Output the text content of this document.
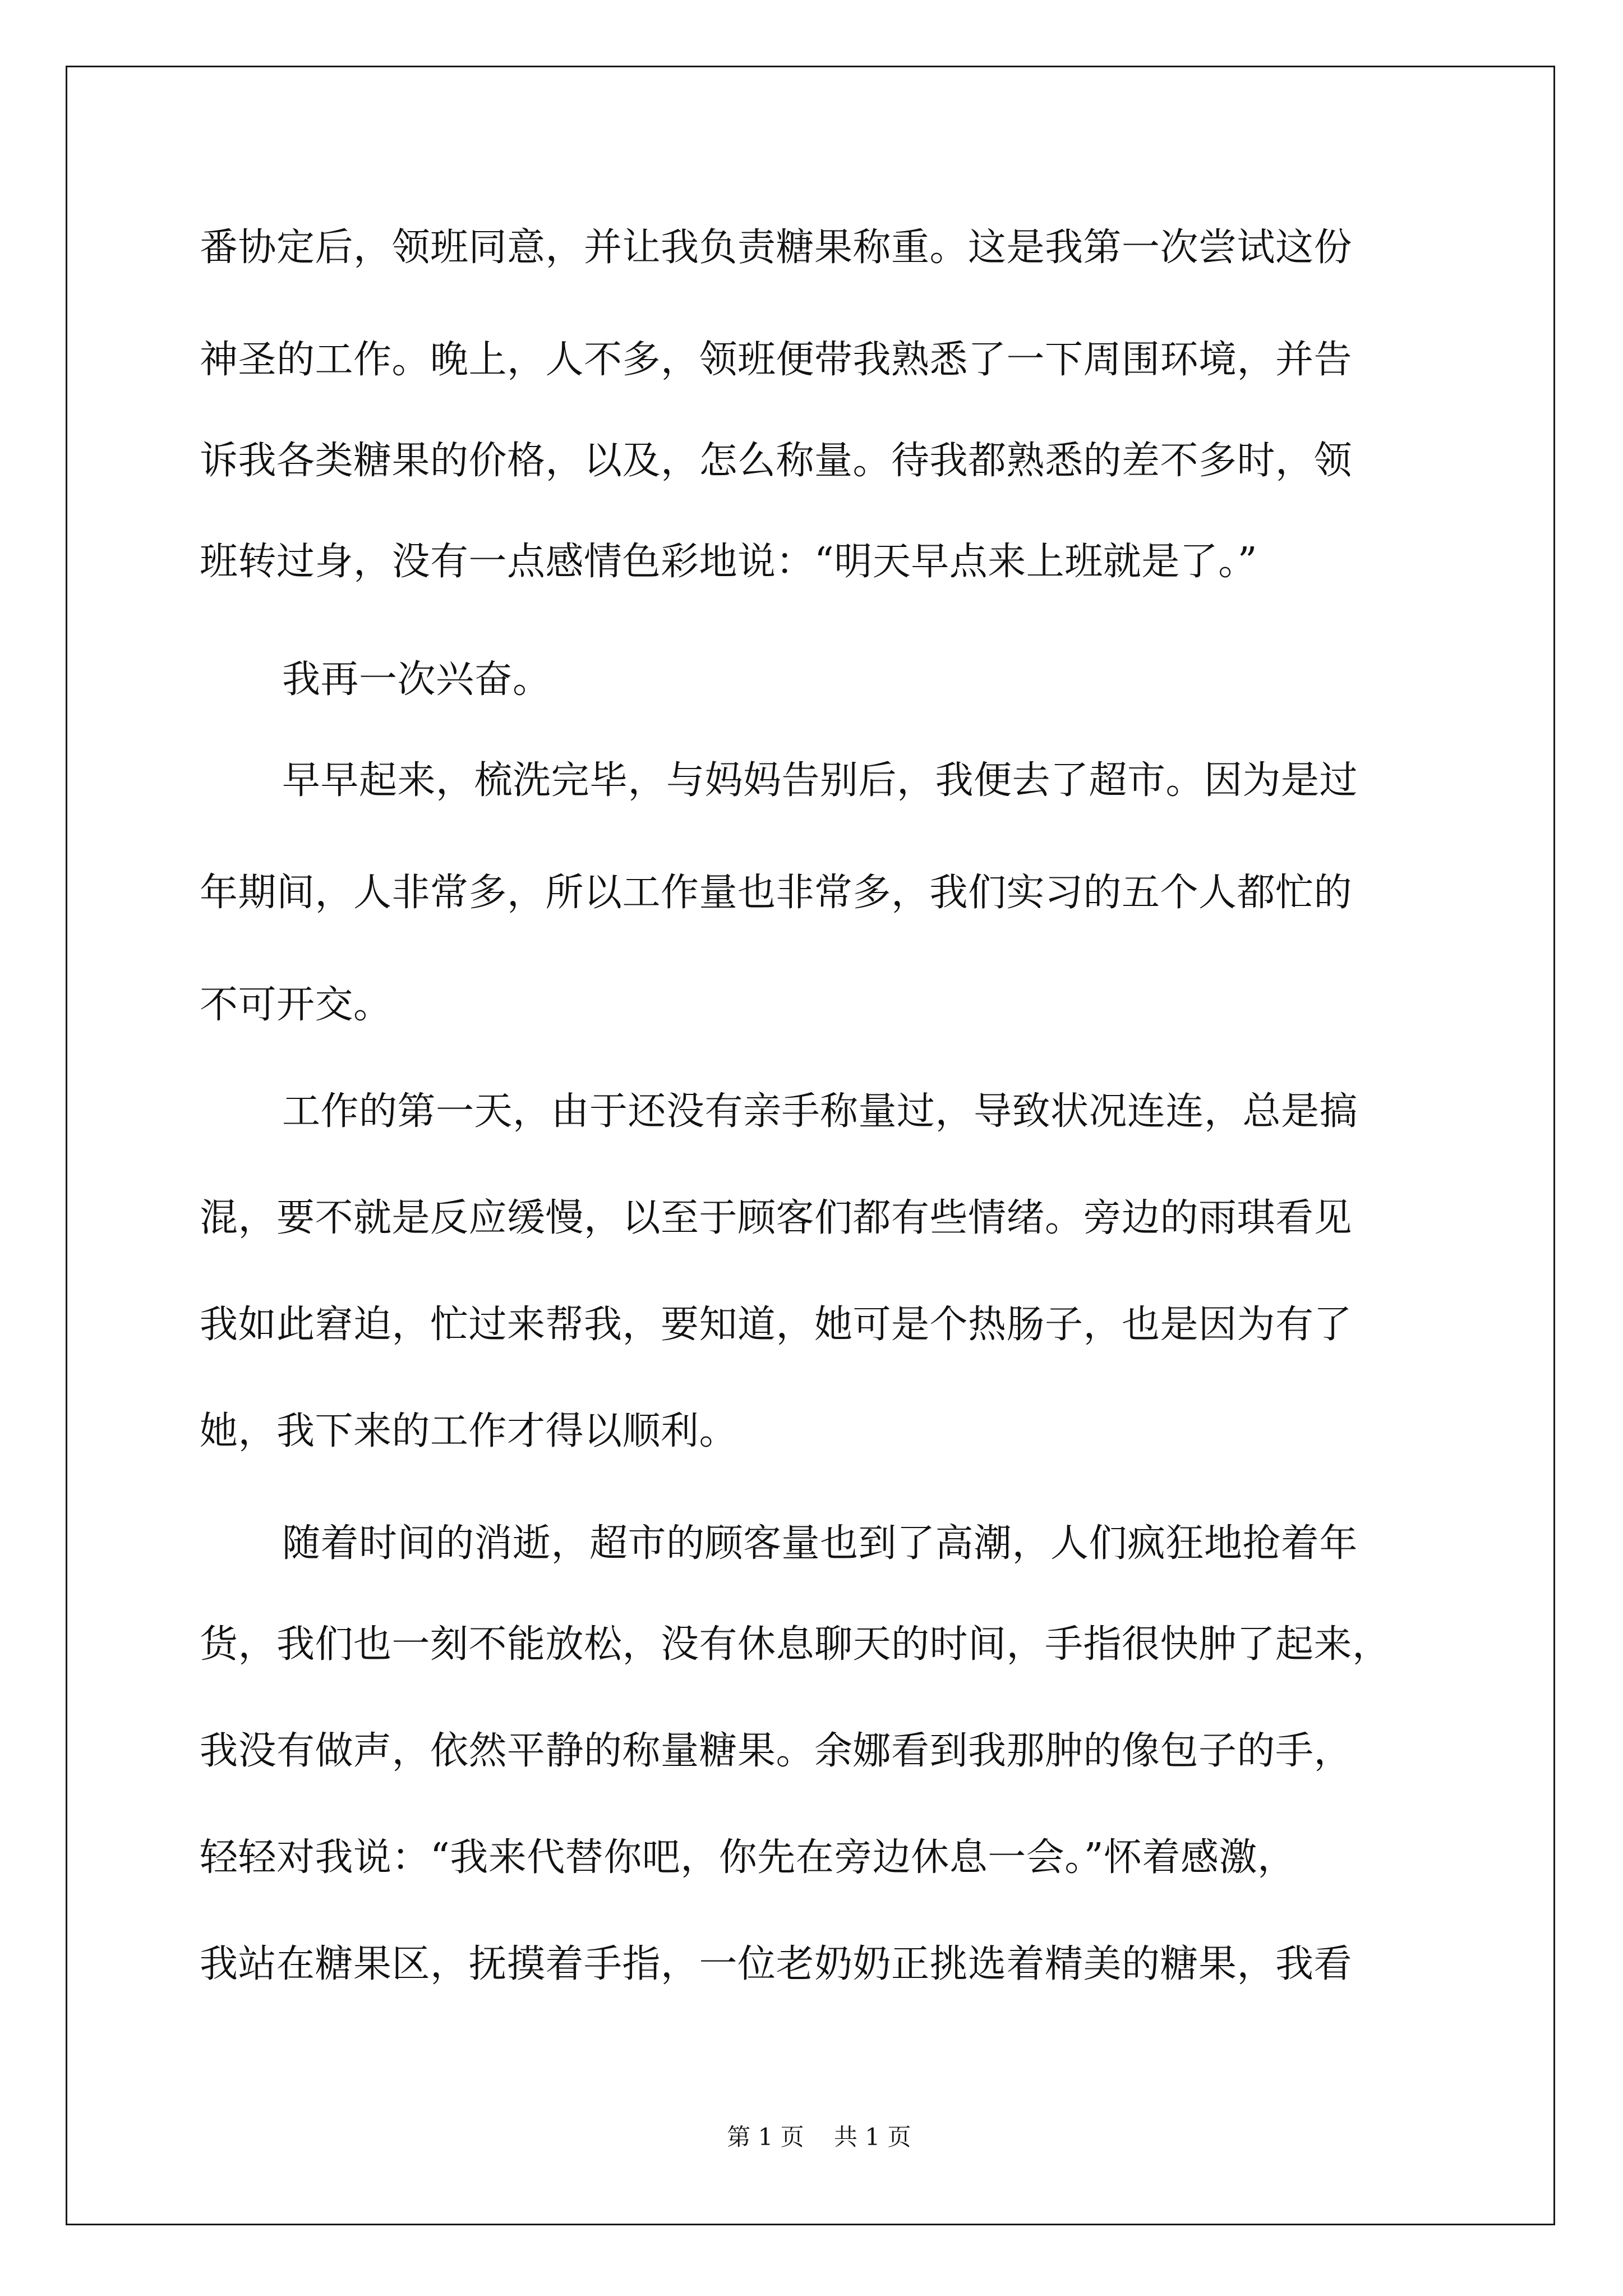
番协定后，领班同意，并让我负责糖果称重。这是我第一次尝试这份
神圣的工作。晚上，人不多，领班便带我熟悉了一下周围环境，并告
诉我各类糖果的价格，以及，怎么称量。待我都熟悉的差不多时，领
班转过身，没有一点感情色彩地说：“明天早点来上班就是了。”
我再一次兴奋。
早早起来，梳洗完毕，与妈妈告别后，我便去了超市。因为是过
年期间，人非常多，所以工作量也非常多，我们实习的五个人都忙的
不可开交。
工作的第一天，由于还没有亲手称量过，导致状况连连，总是搞
混，要不就是反应缓慢，以至于顾客们都有些情绪。旁边的雨琪看见
我如此窘迫，忙过来帮我，要知道，她可是个热肠子，也是因为有了
她，我下来的工作才得以顺利。
随着时间的消逝，超市的顾客量也到了高潮，人们疯狂地抢着年
货，我们也一刻不能放松，没有休息聊天的时间，手指很快肿了起来，
我没有做声，依然平静的称量糖果。余娜看到我那肿的像包子的手，
轻轻对我说：“我来代替你吧，你先在旁边休息一会。”怀着感激，
我站在糖果区，抚摸着手指，一位老奶奶正挑选着精美的糖果，我看

第 1 页    共 1 页
